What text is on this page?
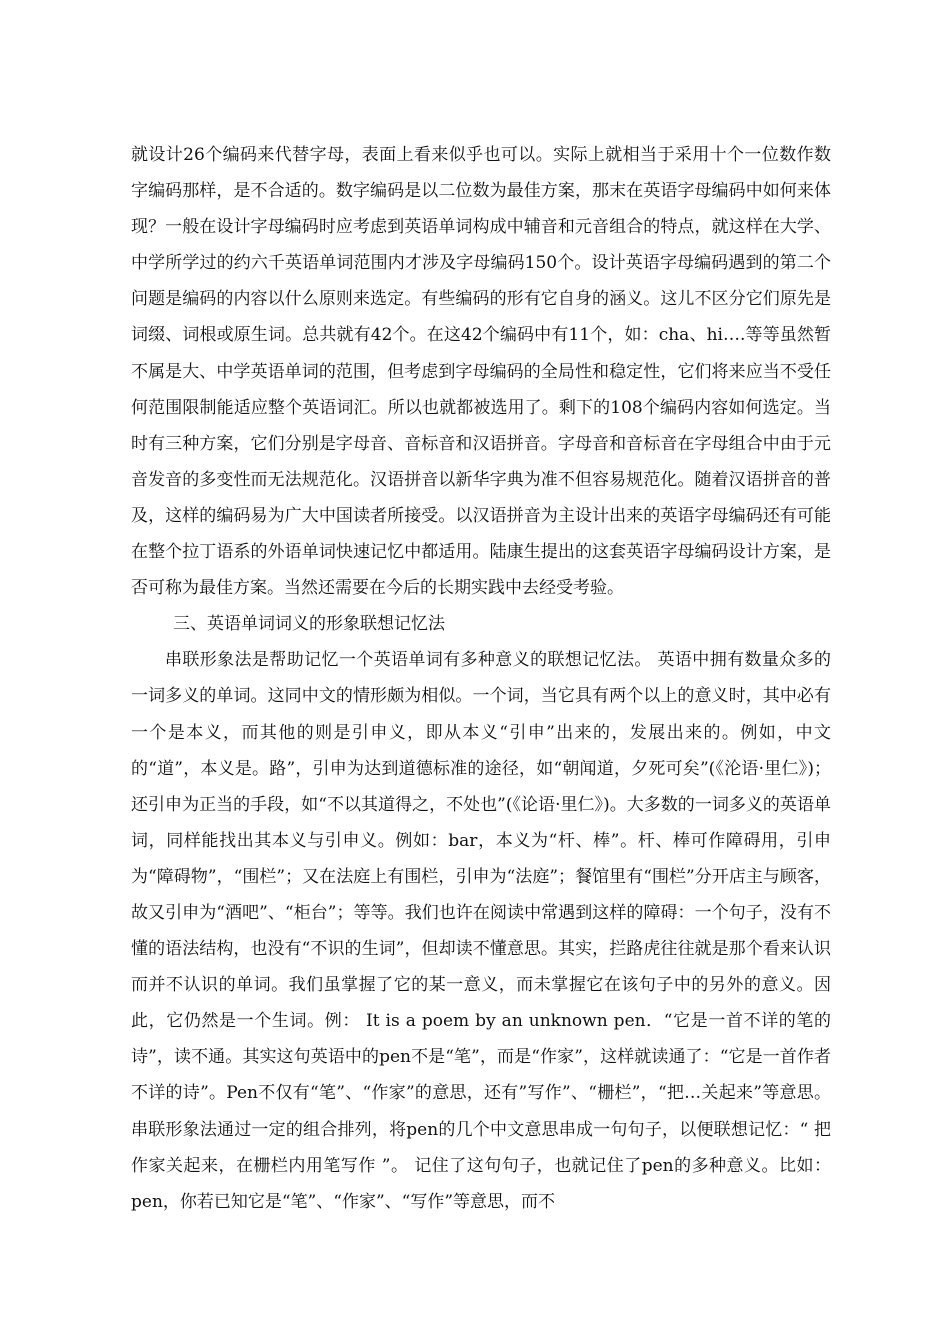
就设计26个编码来代替字母，表面上看来似乎也可以。实际上就相当于采用十个一位数作数字编码那样，是不合适的。数字编码是以二位数为最佳方案，那末在英语字母编码中如何来体现？一般在设计字母编码时应考虑到英语单词构成中辅音和元音组合的特点，就这样在大学、中学所学过的约六千英语单词范围内才涉及字母编码150个。设计英语字母编码遇到的第二个问题是编码的内容以什么原则来选定。有些编码的形有它自身的涵义。这儿不区分它们原先是词缀、词根或原生词。总共就有42个。在这42个编码中有11个，如：cha、hi….等等虽然暂不属是大、中学英语单词的范围，但考虑到字母编码的全局性和稳定性，它们将来应当不受任何范围限制能适应整个英语词汇。所以也就都被选用了。剩下的108个编码内容如何选定。当时有三种方案，它们分别是字母音、音标音和汉语拼音。字母音和音标音在字母组合中由于元音发音的多变性而无法规范化。汉语拼音以新华字典为准不但容易规范化。随着汉语拼音的普及，这样的编码易为广大中国读者所接受。以汉语拼音为主设计出来的英语字母编码还有可能在整个拉丁语系的外语单词快速记忆中都适用。陆康生提出的这套英语字母编码设计方案，是否可称为最佳方案。当然还需要在今后的长期实践中去经受考验。

三、英语单词词义的形象联想记忆法

串联形象法是帮助记忆一个英语单词有多种意义的联想记忆法。 英语中拥有数量众多的一词多义的单词。这同中文的情形颇为相似。一个词，当它具有两个以上的意义时，其中必有一个是本义，而其他的则是引申义，即从本义“引申”出来的，发展出来的。例如，中文的“道”，本义是。路”，引申为达到道德标准的途径，如“朝闻道，夕死可矣”(《沦语·里仁》)；还引申为正当的手段，如“不以其道得之，不处也”(《论语·里仁》)。大多数的一词多义的英语单词，同样能找出其本义与引申义。例如：bar，本义为“杆、棒”。杆、棒可作障碍用，引申为“障碍物”，“围栏”；又在法庭上有围栏，引申为“法庭”；餐馆里有“围栏”分开店主与顾客，故又引申为“酒吧”、“柜台”；等等。我们也许在阅读中常遇到这样的障碍：一个句子，没有不懂的语法结构，也没有“不识的生词”，但却读不懂意思。其实，拦路虎往往就是那个看来认识而并不认识的单词。我们虽掌握了它的某一意义，而未掌握它在该句子中的另外的意义。因此，它仍然是一个生词。例： It is a poem by an unknown pen．“它是一首不详的笔的诗”，读不通。其实这句英语中的pen不是“笔”，而是“作家”，这样就读通了：“它是一首作者不详的诗”。Pen不仅有“笔”、“作家”的意思，还有”写作”、“栅栏”，“把…关起来”等意思。串联形象法通过一定的组合排列，将pen的几个中文意思串成一句句子，以便联想记忆：“ 把作家关起来，在栅栏内用笔写作 ”。 记住了这句句子，也就记住了pen的多种意义。比如：pen，你若已知它是“笔”、“作家”、“写作”等意思，而不
